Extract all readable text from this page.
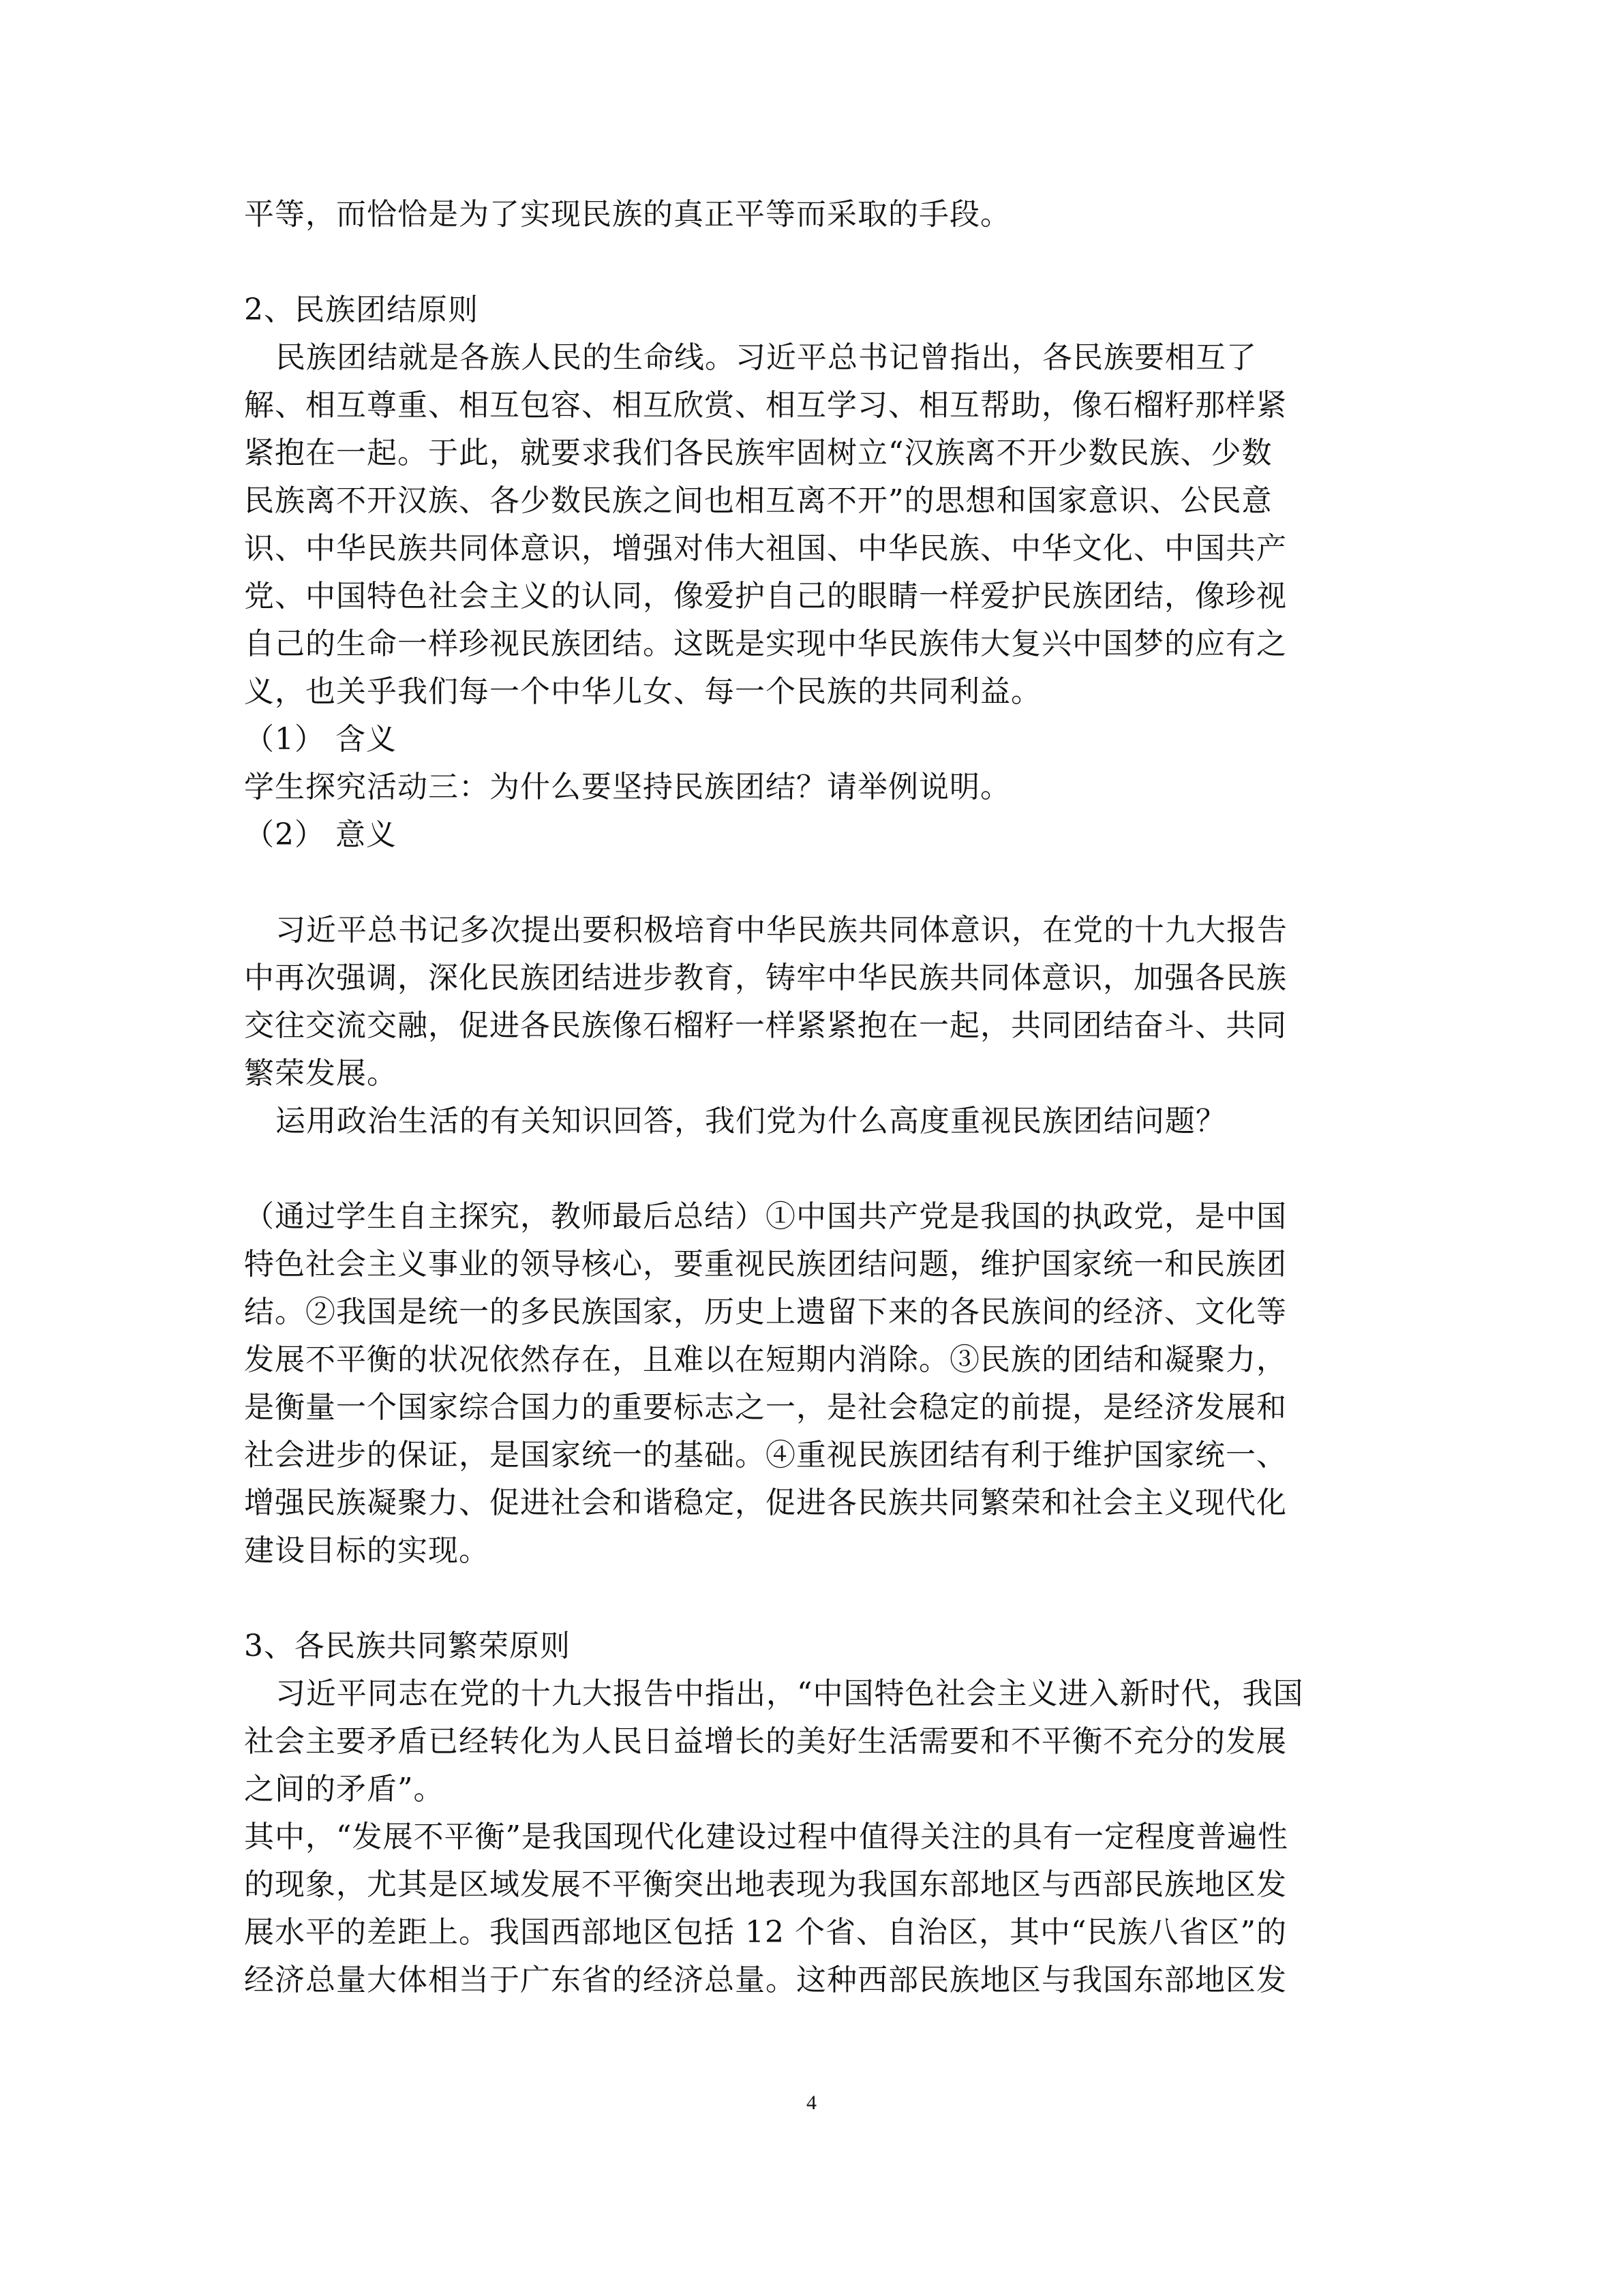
平等，而恰恰是为了实现民族的真正平等而采取的手段。
2、民族团结原则
民族团结就是各族人民的生命线。习近平总书记曾指出，各民族要相互了
解、相互尊重、相互包容、相互欣赏、相互学习、相互帮助，像石榴籽那样紧
紧抱在一起。于此，就要求我们各民族牢固树立“汉族离不开少数民族、少数
民族离不开汉族、各少数民族之间也相互离不开”的思想和国家意识、公民意
识、中华民族共同体意识，增强对伟大祖国、中华民族、中华文化、中国共产
党、中国特色社会主义的认同，像爱护自己的眼睛一样爱护民族团结，像珍视
自己的生命一样珍视民族团结。这既是实现中华民族伟大复兴中国梦的应有之
义，也关乎我们每一个中华儿女、每一个民族的共同利益。
（1） 含义
学生探究活动三：为什么要坚持民族团结？请举例说明。
（2） 意义
习近平总书记多次提出要积极培育中华民族共同体意识，在党的十九大报告
中再次强调，深化民族团结进步教育，铸牢中华民族共同体意识，加强各民族
交往交流交融，促进各民族像石榴籽一样紧紧抱在一起，共同团结奋斗、共同
繁荣发展。
运用政治生活的有关知识回答，我们党为什么高度重视民族团结问题？
（通过学生自主探究，教师最后总结）①中国共产党是我国的执政党，是中国
特色社会主义事业的领导核心，要重视民族团结问题，维护国家统一和民族团
结。②我国是统一的多民族国家，历史上遗留下来的各民族间的经济、文化等
发展不平衡的状况依然存在，且难以在短期内消除。③民族的团结和凝聚力，
是衡量一个国家综合国力的重要标志之一，是社会稳定的前提，是经济发展和
社会进步的保证，是国家统一的基础。④重视民族团结有利于维护国家统一、
增强民族凝聚力、促进社会和谐稳定，促进各民族共同繁荣和社会主义现代化
建设目标的实现。
3、各民族共同繁荣原则
习近平同志在党的十九大报告中指出，“中国特色社会主义进入新时代，我国
社会主要矛盾已经转化为人民日益增长的美好生活需要和不平衡不充分的发展
之间的矛盾”。
其中，“发展不平衡”是我国现代化建设过程中值得关注的具有一定程度普遍性
的现象，尤其是区域发展不平衡突出地表现为我国东部地区与西部民族地区发
展水平的差距上。我国西部地区包括 12 个省、自治区，其中“民族八省区”的
经济总量大体相当于广东省的经济总量。这种西部民族地区与我国东部地区发
4
